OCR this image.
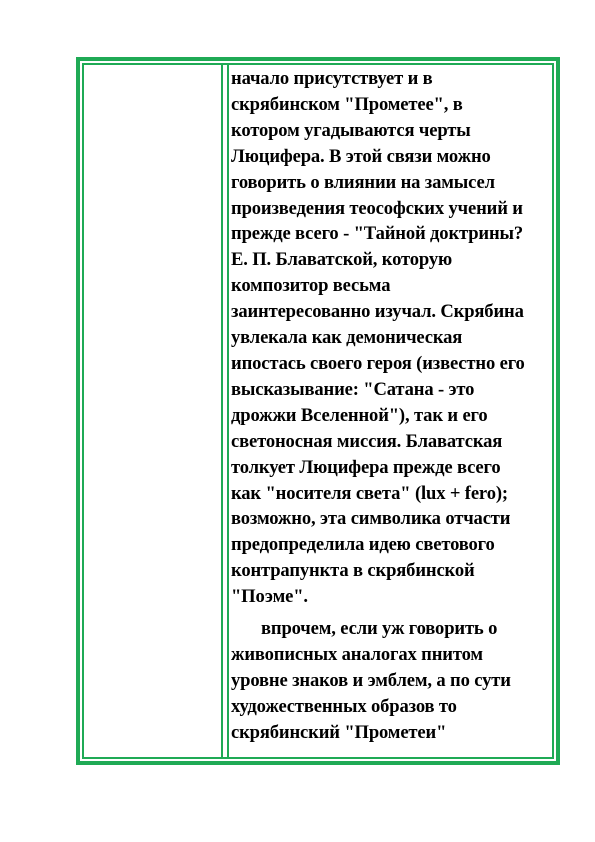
начало присутствует и в
скрябинском "Прометее", в
котором угадываются черты
Люцифера. В этой связи можно
говорить о влиянии на замысел
произведения теософских учений и
прежде всего - "Тайной доктрины?
Е. П. Блаватской, которую
композитор весьма
заинтересованно изучал. Скрябина
увлекала как демоническая
ипостась своего героя (известно его
высказывание: "Сатана - это
дрожжи Вселенной"), так и его
светоносная миссия. Блаватская
толкует Люцифера прежде всего
как "носителя света" (lux + fero);
возможно, эта символика отчасти
предопределила идею светового
контрапункта в скрябинской
"Поэме".

впрочем, если уж говорить о
живописных аналогах пнитом
уровне знаков и эмблем, а по сути
художественных образов то
скрябинский "Прометеи"
